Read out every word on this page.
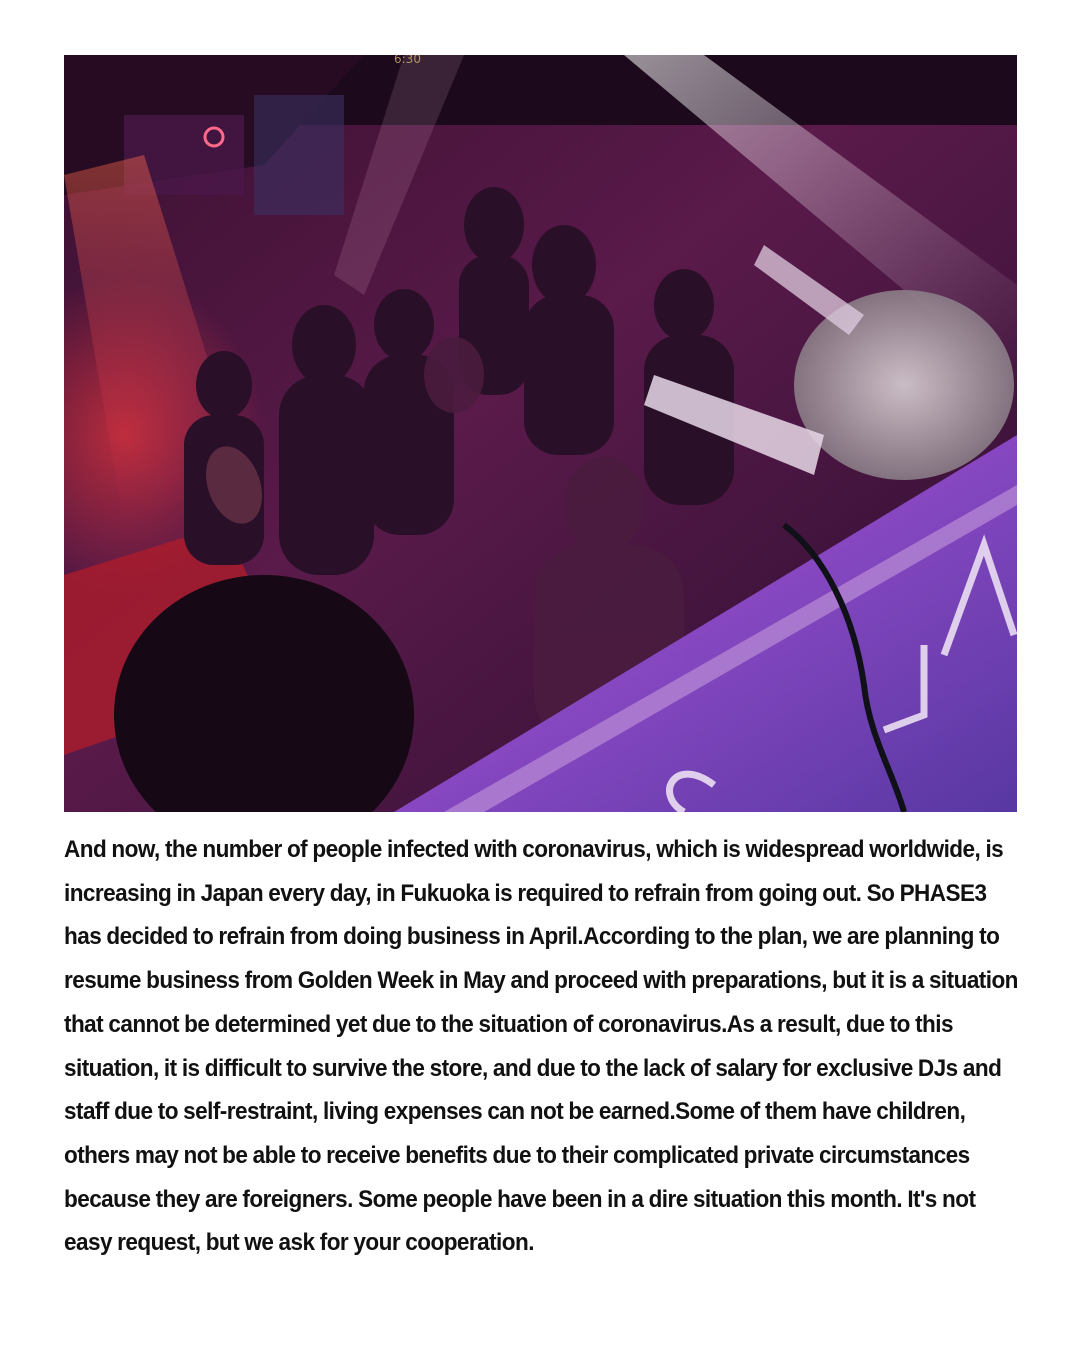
6:30

And now, the number of people infected with coronavirus, which is widespread worldwide, is increasing in Japan every day, in Fukuoka is required to refrain from going out. So PHASE3 has decided to refrain from doing business in April.According to the plan, we are planning to resume business from Golden Week in May and proceed with preparations, but it is a situation that cannot be determined yet due to the situation of coronavirus.As a result, due to this situation, it is difficult to survive the store, and due to the lack of salary for exclusive DJs and staff due to self-restraint, living expenses can not be earned.Some of them have children, others may not be able to receive benefits due to their complicated private circumstances because they are foreigners. Some people have been in a dire situation this month. It's not easy request, but we ask for your cooperation.
